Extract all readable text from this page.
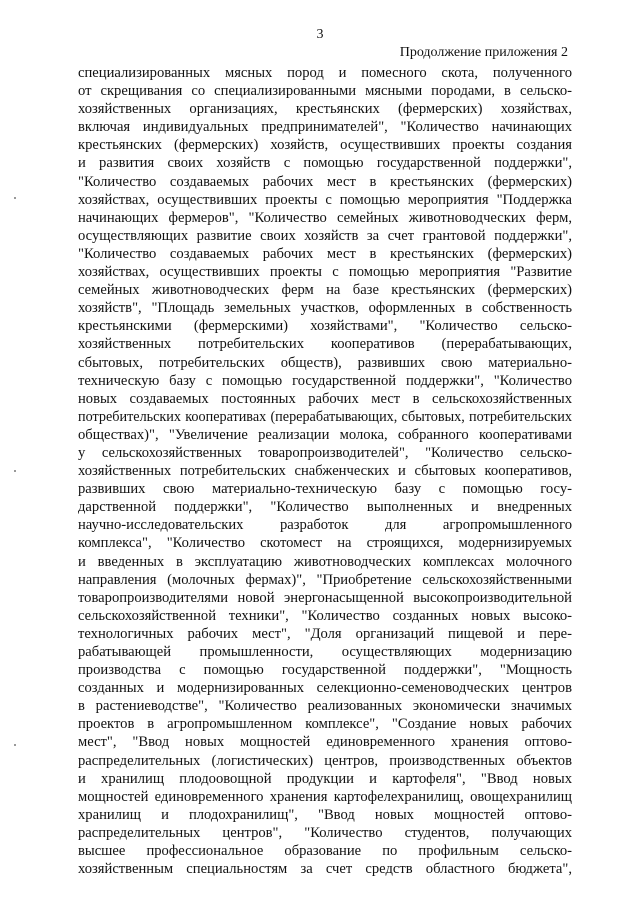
3
Продолжение приложения 2
специализированных мясных пород и помесного скота, полученного
от скрещивания со специализированными мясными породами, в сельско-
хозяйственных организациях, крестьянских (фермерских) хозяйствах,
включая индивидуальных предпринимателей", "Количество начинающих
крестьянских (фермерских) хозяйств, осуществивших проекты создания
и развития своих хозяйств с помощью государственной поддержки",
"Количество создаваемых рабочих мест в крестьянских (фермерских)
хозяйствах, осуществивших проекты с помощью мероприятия "Поддержка
начинающих фермеров", "Количество семейных животноводческих ферм,
осуществляющих развитие своих хозяйств за счет грантовой поддержки",
"Количество создаваемых рабочих мест в крестьянских (фермерских)
хозяйствах, осуществивших проекты с помощью мероприятия "Развитие
семейных животноводческих ферм на базе крестьянских (фермерских)
хозяйств", "Площадь земельных участков, оформленных в собственность
крестьянскими (фермерскими) хозяйствами", "Количество сельско-
хозяйственных потребительских кооперативов (перерабатывающих,
сбытовых, потребительских обществ), развивших свою материально-
техническую базу с помощью государственной поддержки", "Количество
новых создаваемых постоянных рабочих мест в сельскохозяйственных
потребительских кооперативах (перерабатывающих, сбытовых, потребительских
обществах)", "Увеличение реализации молока, собранного кооперативами
у сельскохозяйственных товаропроизводителей", "Количество сельско-
хозяйственных потребительских снабженческих и сбытовых кооперативов,
развивших свою материально-техническую базу с помощью госу-
дарственной поддержки", "Количество выполненных и внедренных
научно-исследовательских разработок для агропромышленного
комплекса", "Количество скотомест на строящихся, модернизируемых
и введенных в эксплуатацию животноводческих комплексах молочного
направления (молочных фермах)", "Приобретение сельскохозяйственными
товаропроизводителями новой энергонасыщенной высокопроизводительной
сельскохозяйственной техники", "Количество созданных новых высоко-
технологичных рабочих мест", "Доля организаций пищевой и пере-
рабатывающей промышленности, осуществляющих модернизацию
производства с помощью государственной поддержки", "Мощность
созданных и модернизированных селекционно-семеноводческих центров
в растениеводстве", "Количество реализованных экономически значимых
проектов в агропромышленном комплексе", "Создание новых рабочих
мест", "Ввод новых мощностей единовременного хранения оптово-
распределительных (логистических) центров, производственных объектов
и хранилищ плодоовощной продукции и картофеля", "Ввод новых
мощностей единовременного хранения картофелехранилищ, овощехранилищ
хранилищ и плодохранилищ", "Ввод новых мощностей оптово-
распределительных центров", "Количество студентов, получающих
высшее профессиональное образование по профильным сельско-
хозяйственным специальностям за счет средств областного бюджета",
